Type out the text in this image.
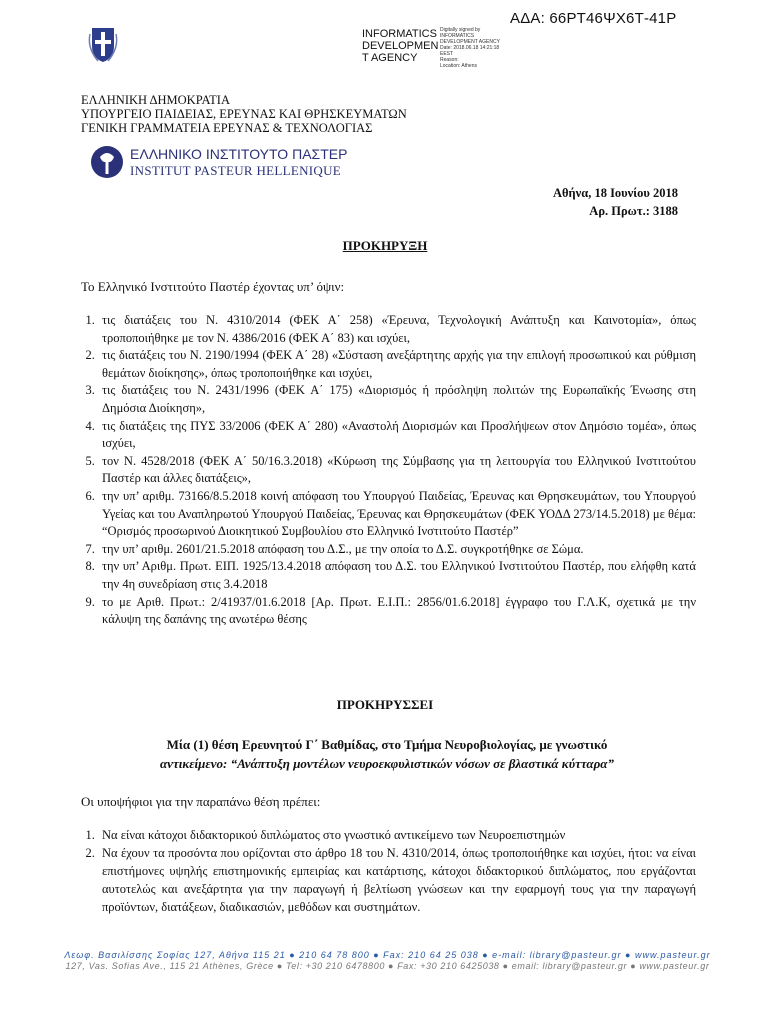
ΑΔΑ: 66ΡΤ46ΨΧ6Τ-41Ρ
INFORMATICS
DEVELOPMEN
T AGENCY
Digitally signed by
INFORMATICS
DEVELOPMENT AGENCY
Date: 2018.06.18 14:21:18
EEST
Reason:
Location: Athens
ΕΛΛΗΝΙΚΗ ΔΗΜΟΚΡΑΤΙΑ
ΥΠΟΥΡΓΕΙΟ ΠΑΙΔΕΙΑΣ, ΕΡΕΥΝΑΣ ΚΑΙ ΘΡΗΣΚΕΥΜΑΤΩΝ
ΓΕΝΙΚΗ ΓΡΑΜΜΑΤΕΙΑ ΕΡΕΥΝΑΣ & ΤΕΧΝΟΛΟΓΙΑΣ
ΕΛΛΗΝΙΚΟ ΙΝΣΤΙΤΟΥΤΟ ΠΑΣΤΕΡ
INSTITUT PASTEUR HELLENIQUE
Αθήνα, 18 Ιουνίου 2018
Αρ. Πρωτ.: 3188
ΠΡΟΚΗΡΥΞΗ
Το Ελληνικό Ινστιτούτο Παστέρ έχοντας υπ’ όψιν:
1. τις διατάξεις του Ν. 4310/2014 (ΦΕΚ Α΄ 258) «Έρευνα, Τεχνολογική Ανάπτυξη και Καινοτομία», όπως τροποποιήθηκε με τον Ν. 4386/2016 (ΦΕΚ Α΄ 83) και ισχύει,
2. τις διατάξεις του Ν. 2190/1994 (ΦΕΚ Α΄ 28) «Σύσταση ανεξάρτητης αρχής για την επιλογή προσωπικού και ρύθμιση θεμάτων διοίκησης», όπως τροποποιήθηκε και ισχύει,
3. τις διατάξεις του Ν. 2431/1996 (ΦΕΚ Α΄ 175) «Διορισμός ή πρόσληψη πολιτών της Ευρωπαϊκής Ένωσης στη Δημόσια Διοίκηση»,
4. τις διατάξεις της ΠΥΣ 33/2006 (ΦΕΚ Α΄ 280) «Αναστολή Διορισμών και Προσλήψεων στον Δημόσιο τομέα», όπως ισχύει,
5. τον Ν. 4528/2018 (ΦΕΚ Α΄ 50/16.3.2018) «Κύρωση της Σύμβασης για τη λειτουργία του Ελληνικού Ινστιτούτου Παστέρ και άλλες διατάξεις»,
6. την υπ’ αριθμ. 73166/8.5.2018 κοινή απόφαση του Υπουργού Παιδείας, Έρευνας και Θρησκευμάτων, του Υπουργού Υγείας και του Αναπληρωτού Υπουργού Παιδείας, Έρευνας και Θρησκευμάτων (ΦΕΚ ΥΟΔΔ 273/14.5.2018) με θέμα: “Ορισμός προσωρινού Διοικητικού Συμβουλίου στο Ελληνικό Ινστιτούτο Παστέρ”
7. την υπ’ αριθμ. 2601/21.5.2018 απόφαση του Δ.Σ., με την οποία το Δ.Σ. συγκροτήθηκε σε Σώμα.
8. την υπ’ Αριθμ. Πρωτ. ΕΙΠ. 1925/13.4.2018 απόφαση του Δ.Σ. του Ελληνικού Ινστιτούτου Παστέρ, που ελήφθη κατά την 4η συνεδρίαση στις 3.4.2018
9. το με Αριθ. Πρωτ.: 2/41937/01.6.2018 [Αρ. Πρωτ. Ε.Ι.Π.: 2856/01.6.2018] έγγραφο του Γ.Λ.Κ, σχετικά με την κάλυψη της δαπάνης της ανωτέρω θέσης
ΠΡΟΚΗΡΥΣΣΕΙ
Μία (1) θέση Ερευνητού Γ΄ Βαθμίδας, στο Τμήμα Νευροβιολογίας, με γνωστικό
αντικείμενο: “Ανάπτυξη μοντέλων νευροεκφυλιστικών νόσων σε βλαστικά κύτταρα”
Οι υποψήφιοι για την παραπάνω θέση πρέπει:
1. Να είναι κάτοχοι διδακτορικού διπλώματος στο γνωστικό αντικείμενο των Νευροεπιστημών
2. Να έχουν τα προσόντα που ορίζονται στο άρθρο 18 του Ν. 4310/2014, όπως τροποποιήθηκε και ισχύει, ήτοι: να είναι επιστήμονες υψηλής επιστημονικής εμπειρίας και κατάρτισης, κάτοχοι διδακτορικού διπλώματος, που εργάζονται αυτοτελώς και ανεξάρτητα για την παραγωγή ή βελτίωση γνώσεων και την εφαρμογή τους για την παραγωγή προϊόντων, διατάξεων, διαδικασιών, μεθόδων και συστημάτων.
Λεωφ. Βασιλίσσης Σοφίας 127, Αθήνα 115 21 ● 210 64 78 800 ● Fax: 210 64 25 038 ● e-mail: library@pasteur.gr ● www.pasteur.gr
127, Vas. Sofias Ave., 115 21 Athènes, Grèce ● Tel: +30 210 6478800 ● Fax: +30 210 6425038 ● email: library@pasteur.gr ● www.pasteur.gr
